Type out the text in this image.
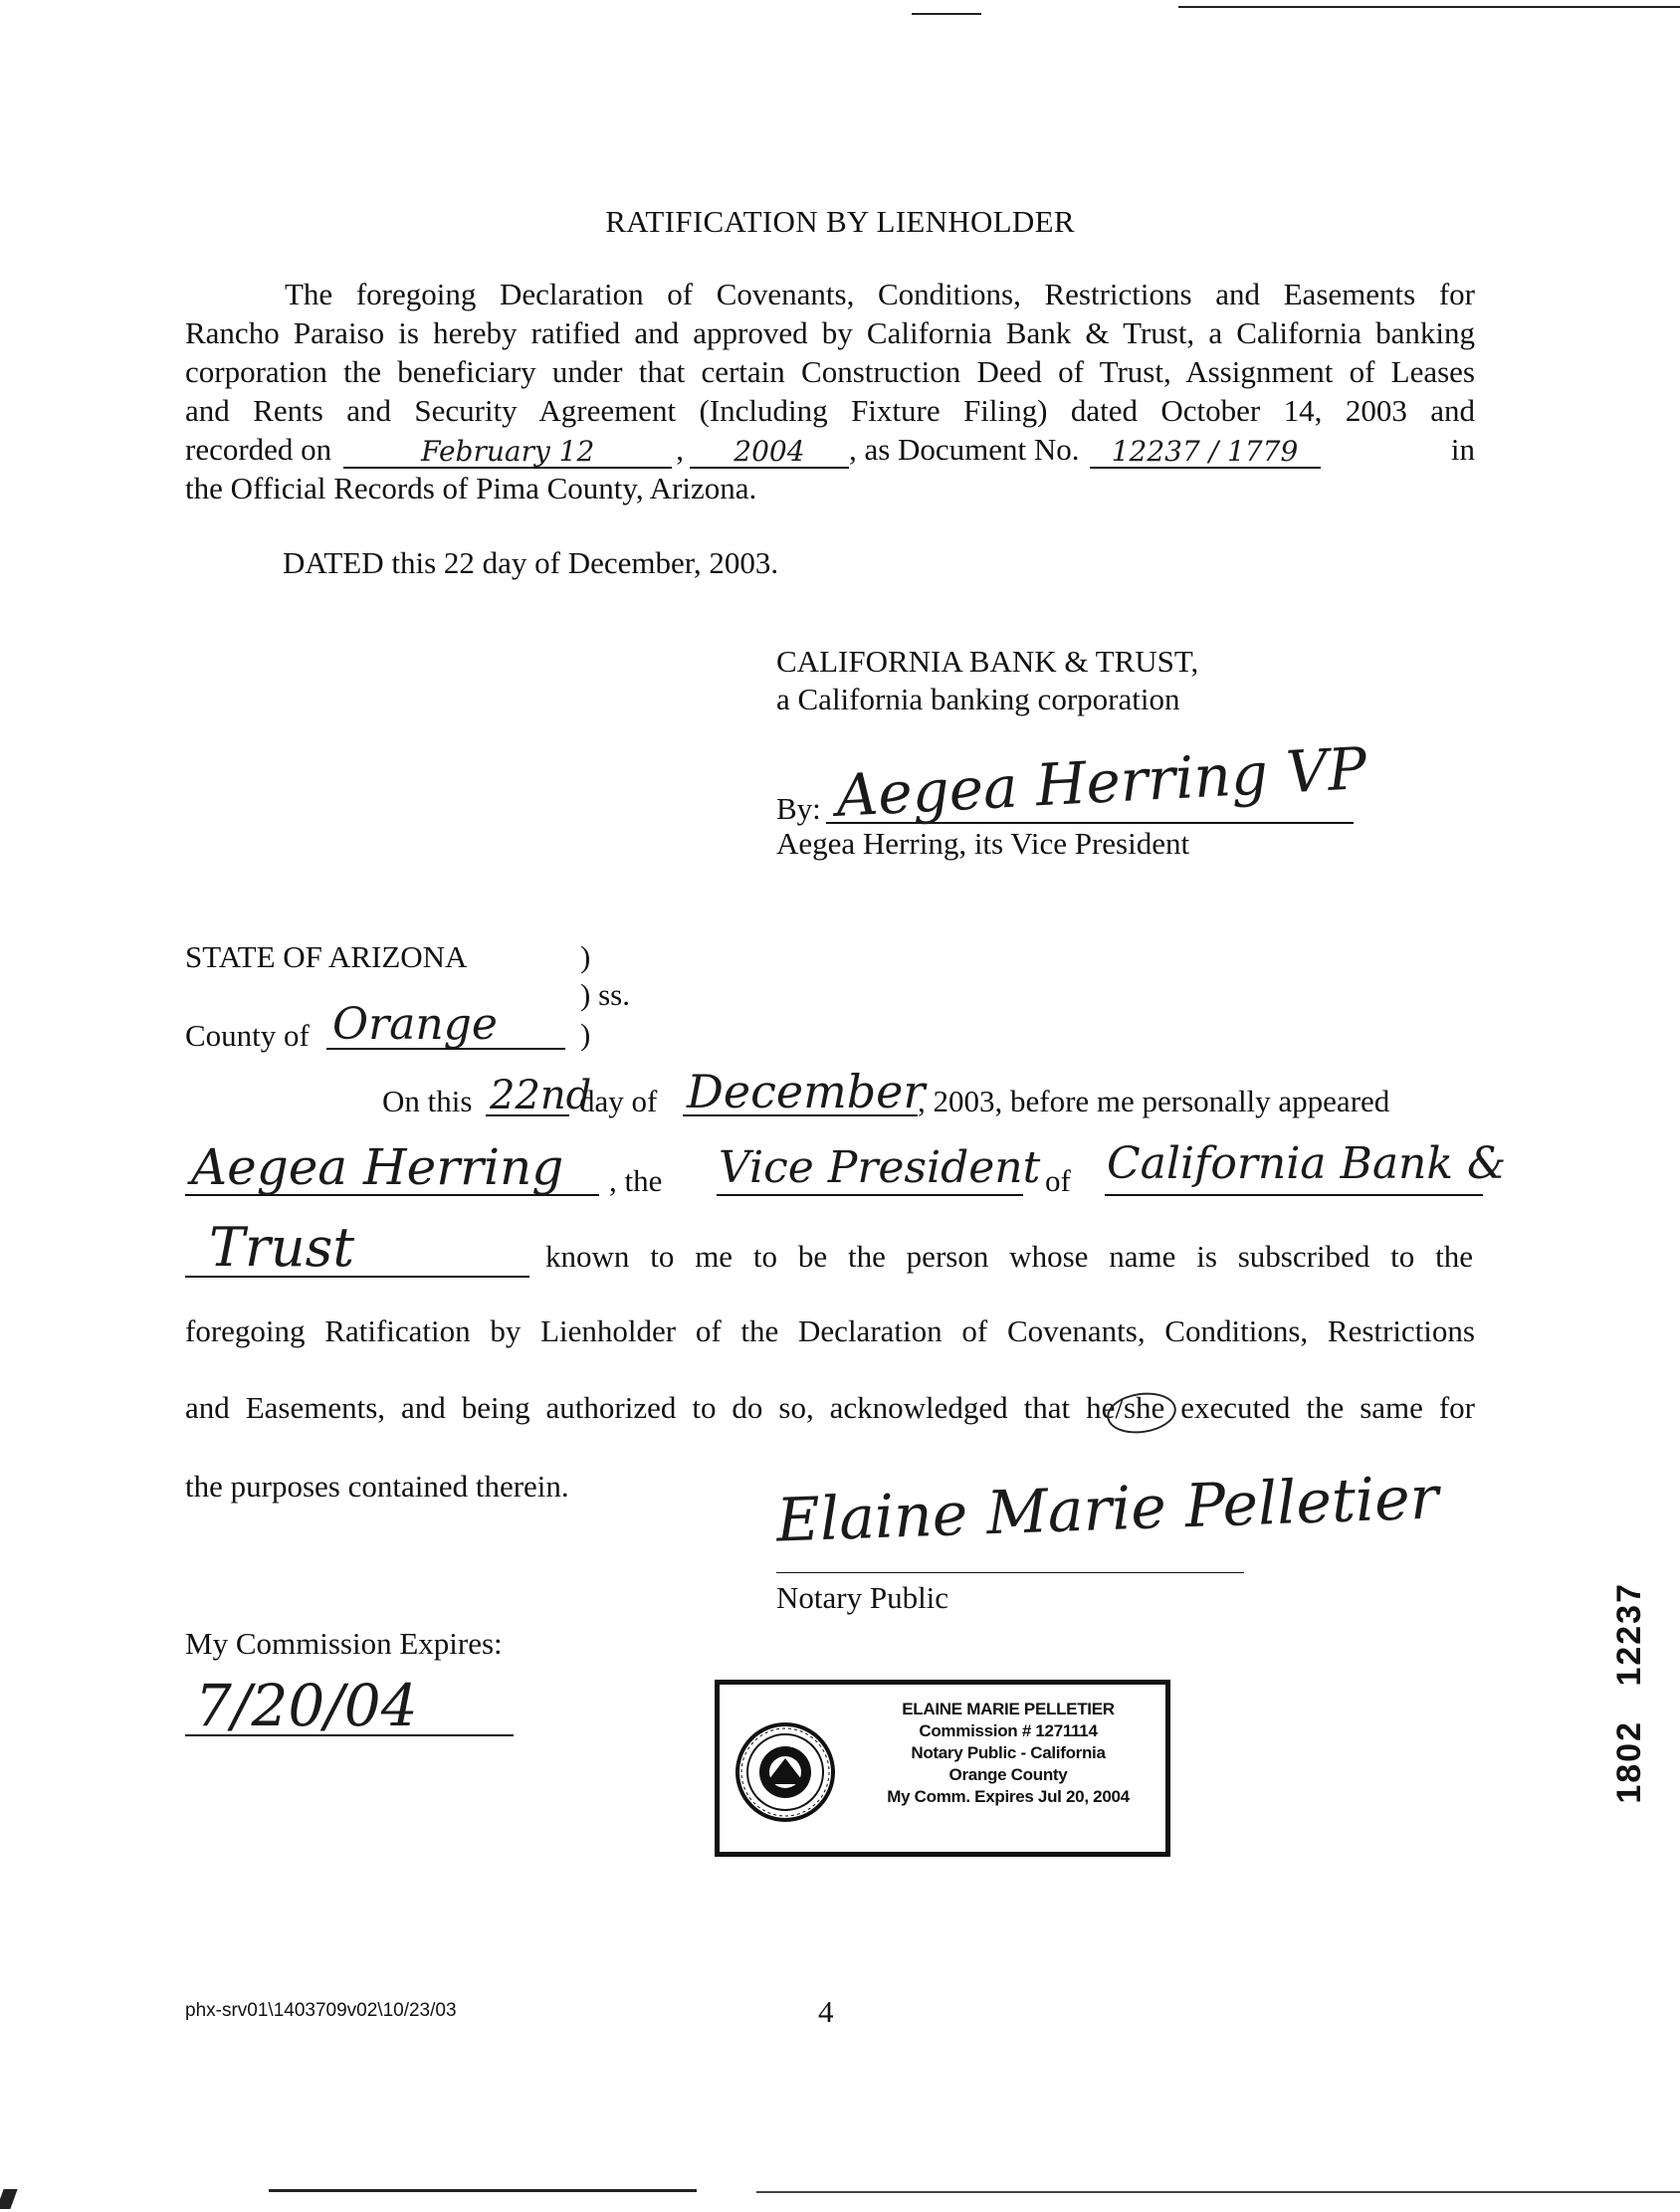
RATIFICATION BY LIENHOLDER
The foregoing Declaration of Covenants, Conditions, Restrictions and Easements for
Rancho Paraiso is hereby ratified and approved by California Bank & Trust, a California banking
corporation the beneficiary under that certain Construction Deed of Trust, Assignment of Leases
and Rents and Security Agreement (Including Fixture Filing) dated October 14, 2003 and
recorded on	February 12	,	2004	, as Document No.	12237 / 1779	in
the Official Records of Pima County, Arizona.
DATED this 22 day of December, 2003.
CALIFORNIA BANK & TRUST,
a California banking corporation
By: Aegea Herring VP
Aegea Herring, its Vice President
STATE OF ARIZONA	)
) ss.
County of Orange	)
On this 22nd
day of December
, 2003, before me personally appeared
Aegea Herring , the Vice President of California Bank &
Trust	known to me to be the person whose name is subscribed to the
foregoing Ratification by Lienholder of the Declaration of Covenants, Conditions, Restrictions
and Easements, and being authorized to do so, acknowledged that he/she executed the same for
the purposes contained therein.	Elaine Marie Pelletier
Notary Public
My Commission Expires:
7/20/04	ELAINE MARIE PELLETIER
Commission # 1271114
Notary Public - California
Orange County
My Comm. Expires Jul 20, 2004
phx-srv01\1403709v02\10/23/03	4
12237
1802
